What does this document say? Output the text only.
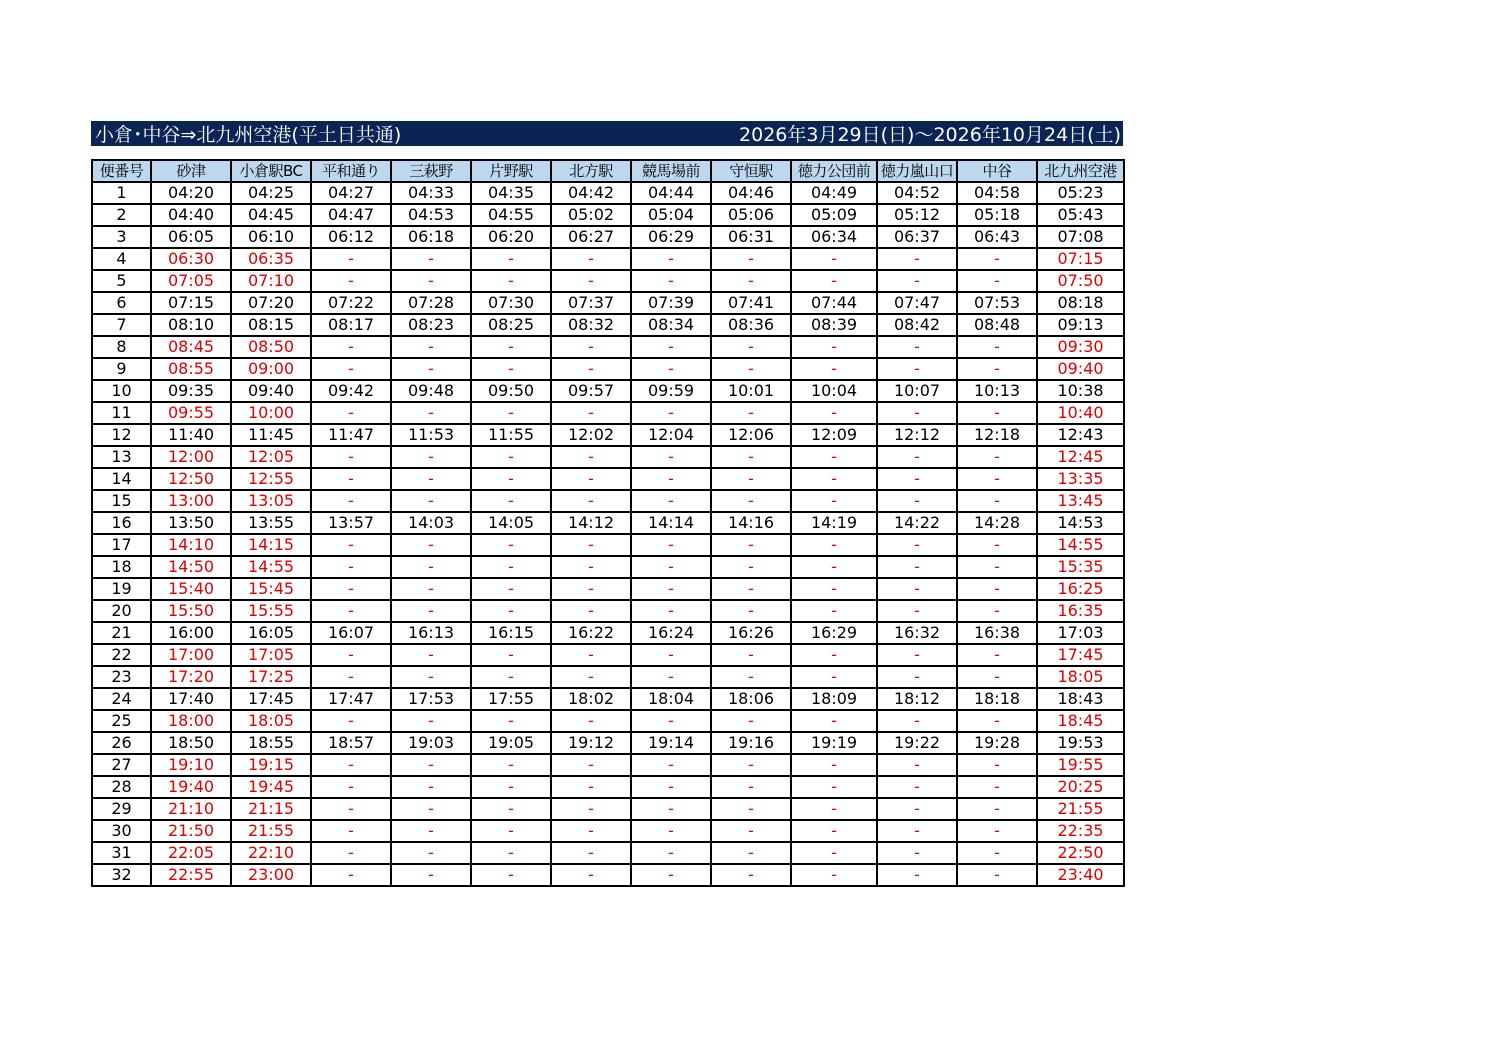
小倉･中谷⇒北九州空港(平土日共通)	2026年3月29日(日)～2026年10月24日(土)
便番号	砂津	小倉駅BC	平和通り	三萩野	片野駅	北方駅	競馬場前	守恒駅	徳力公団前	徳力嵐山口	中谷	北九州空港
1	04:20	04:25	04:27	04:33	04:35	04:42	04:44	04:46	04:49	04:52	04:58	05:23
2	04:40	04:45	04:47	04:53	04:55	05:02	05:04	05:06	05:09	05:12	05:18	05:43
3	06:05	06:10	06:12	06:18	06:20	06:27	06:29	06:31	06:34	06:37	06:43	07:08
4	06:30	06:35	-	-	-	-	-	-	-	-	-	07:15
5	07:05	07:10	-	-	-	-	-	-	-	-	-	07:50
6	07:15	07:20	07:22	07:28	07:30	07:37	07:39	07:41	07:44	07:47	07:53	08:18
7	08:10	08:15	08:17	08:23	08:25	08:32	08:34	08:36	08:39	08:42	08:48	09:13
8	08:45	08:50	-	-	-	-	-	-	-	-	-	09:30
9	08:55	09:00	-	-	-	-	-	-	-	-	-	09:40
10	09:35	09:40	09:42	09:48	09:50	09:57	09:59	10:01	10:04	10:07	10:13	10:38
11	09:55	10:00	-	-	-	-	-	-	-	-	-	10:40
12	11:40	11:45	11:47	11:53	11:55	12:02	12:04	12:06	12:09	12:12	12:18	12:43
13	12:00	12:05	-	-	-	-	-	-	-	-	-	12:45
14	12:50	12:55	-	-	-	-	-	-	-	-	-	13:35
15	13:00	13:05	-	-	-	-	-	-	-	-	-	13:45
16	13:50	13:55	13:57	14:03	14:05	14:12	14:14	14:16	14:19	14:22	14:28	14:53
17	14:10	14:15	-	-	-	-	-	-	-	-	-	14:55
18	14:50	14:55	-	-	-	-	-	-	-	-	-	15:35
19	15:40	15:45	-	-	-	-	-	-	-	-	-	16:25
20	15:50	15:55	-	-	-	-	-	-	-	-	-	16:35
21	16:00	16:05	16:07	16:13	16:15	16:22	16:24	16:26	16:29	16:32	16:38	17:03
22	17:00	17:05	-	-	-	-	-	-	-	-	-	17:45
23	17:20	17:25	-	-	-	-	-	-	-	-	-	18:05
24	17:40	17:45	17:47	17:53	17:55	18:02	18:04	18:06	18:09	18:12	18:18	18:43
25	18:00	18:05	-	-	-	-	-	-	-	-	-	18:45
26	18:50	18:55	18:57	19:03	19:05	19:12	19:14	19:16	19:19	19:22	19:28	19:53
27	19:10	19:15	-	-	-	-	-	-	-	-	-	19:55
28	19:40	19:45	-	-	-	-	-	-	-	-	-	20:25
29	21:10	21:15	-	-	-	-	-	-	-	-	-	21:55
30	21:50	21:55	-	-	-	-	-	-	-	-	-	22:35
31	22:05	22:10	-	-	-	-	-	-	-	-	-	22:50
32	22:55	23:00	-	-	-	-	-	-	-	-	-	23:40
